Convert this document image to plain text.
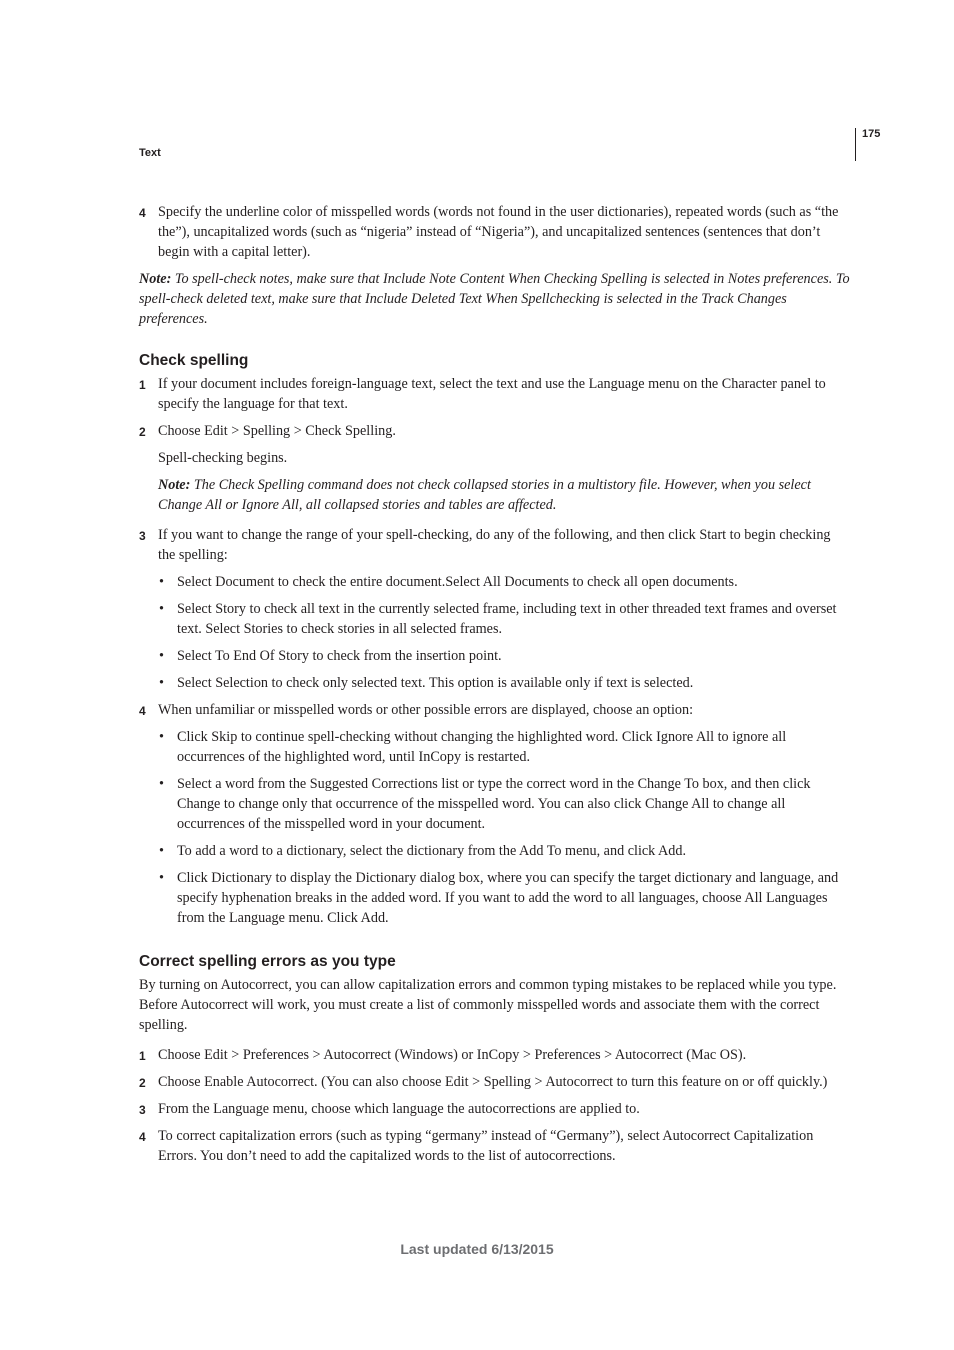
175
Text
4 Specify the underline color of misspelled words (words not found in the user dictionaries), repeated words (such as “the the”), uncapitalized words (such as “nigeria” instead of “Nigeria”), and uncapitalized sentences (sentences that don’t begin with a capital letter).

Note: To spell-check notes, make sure that Include Note Content When Checking Spelling is selected in Notes preferences. To spell-check deleted text, make sure that Include Deleted Text When Spellchecking is selected in the Track Changes preferences.

Check spelling
1 If your document includes foreign-language text, select the text and use the Language menu on the Character panel to specify the language for that text.
2 Choose Edit > Spelling > Check Spelling.

Spell-checking begins.

Note: The Check Spelling command does not check collapsed stories in a multistory file. However, when you select Change All or Ignore All, all collapsed stories and tables are affected.

3 If you want to change the range of your spell-checking, do any of the following, and then click Start to begin checking the spelling:
• Select Document to check the entire document.Select All Documents to check all open documents.
• Select Story to check all text in the currently selected frame, including text in other threaded text frames and overset text. Select Stories to check stories in all selected frames.
• Select To End Of Story to check from the insertion point.
• Select Selection to check only selected text. This option is available only if text is selected.
4 When unfamiliar or misspelled words or other possible errors are displayed, choose an option:
• Click Skip to continue spell-checking without changing the highlighted word. Click Ignore All to ignore all occurrences of the highlighted word, until InCopy is restarted.
• Select a word from the Suggested Corrections list or type the correct word in the Change To box, and then click Change to change only that occurrence of the misspelled word. You can also click Change All to change all occurrences of the misspelled word in your document.
• To add a word to a dictionary, select the dictionary from the Add To menu, and click Add.
• Click Dictionary to display the Dictionary dialog box, where you can specify the target dictionary and language, and specify hyphenation breaks in the added word. If you want to add the word to all languages, choose All Languages from the Language menu. Click Add.
Correct spelling errors as you type

By turning on Autocorrect, you can allow capitalization errors and common typing mistakes to be replaced while you type. Before Autocorrect will work, you must create a list of commonly misspelled words and associate them with the correct spelling.

1 Choose Edit > Preferences > Autocorrect (Windows) or InCopy > Preferences > Autocorrect (Mac OS).
2 Choose Enable Autocorrect. (You can also choose Edit > Spelling > Autocorrect to turn this feature on or off quickly.)
3 From the Language menu, choose which language the autocorrections are applied to.
4 To correct capitalization errors (such as typing “germany” instead of “Germany”), select Autocorrect Capitalization Errors. You don’t need to add the capitalized words to the list of autocorrections.
Last updated 6/13/2015
